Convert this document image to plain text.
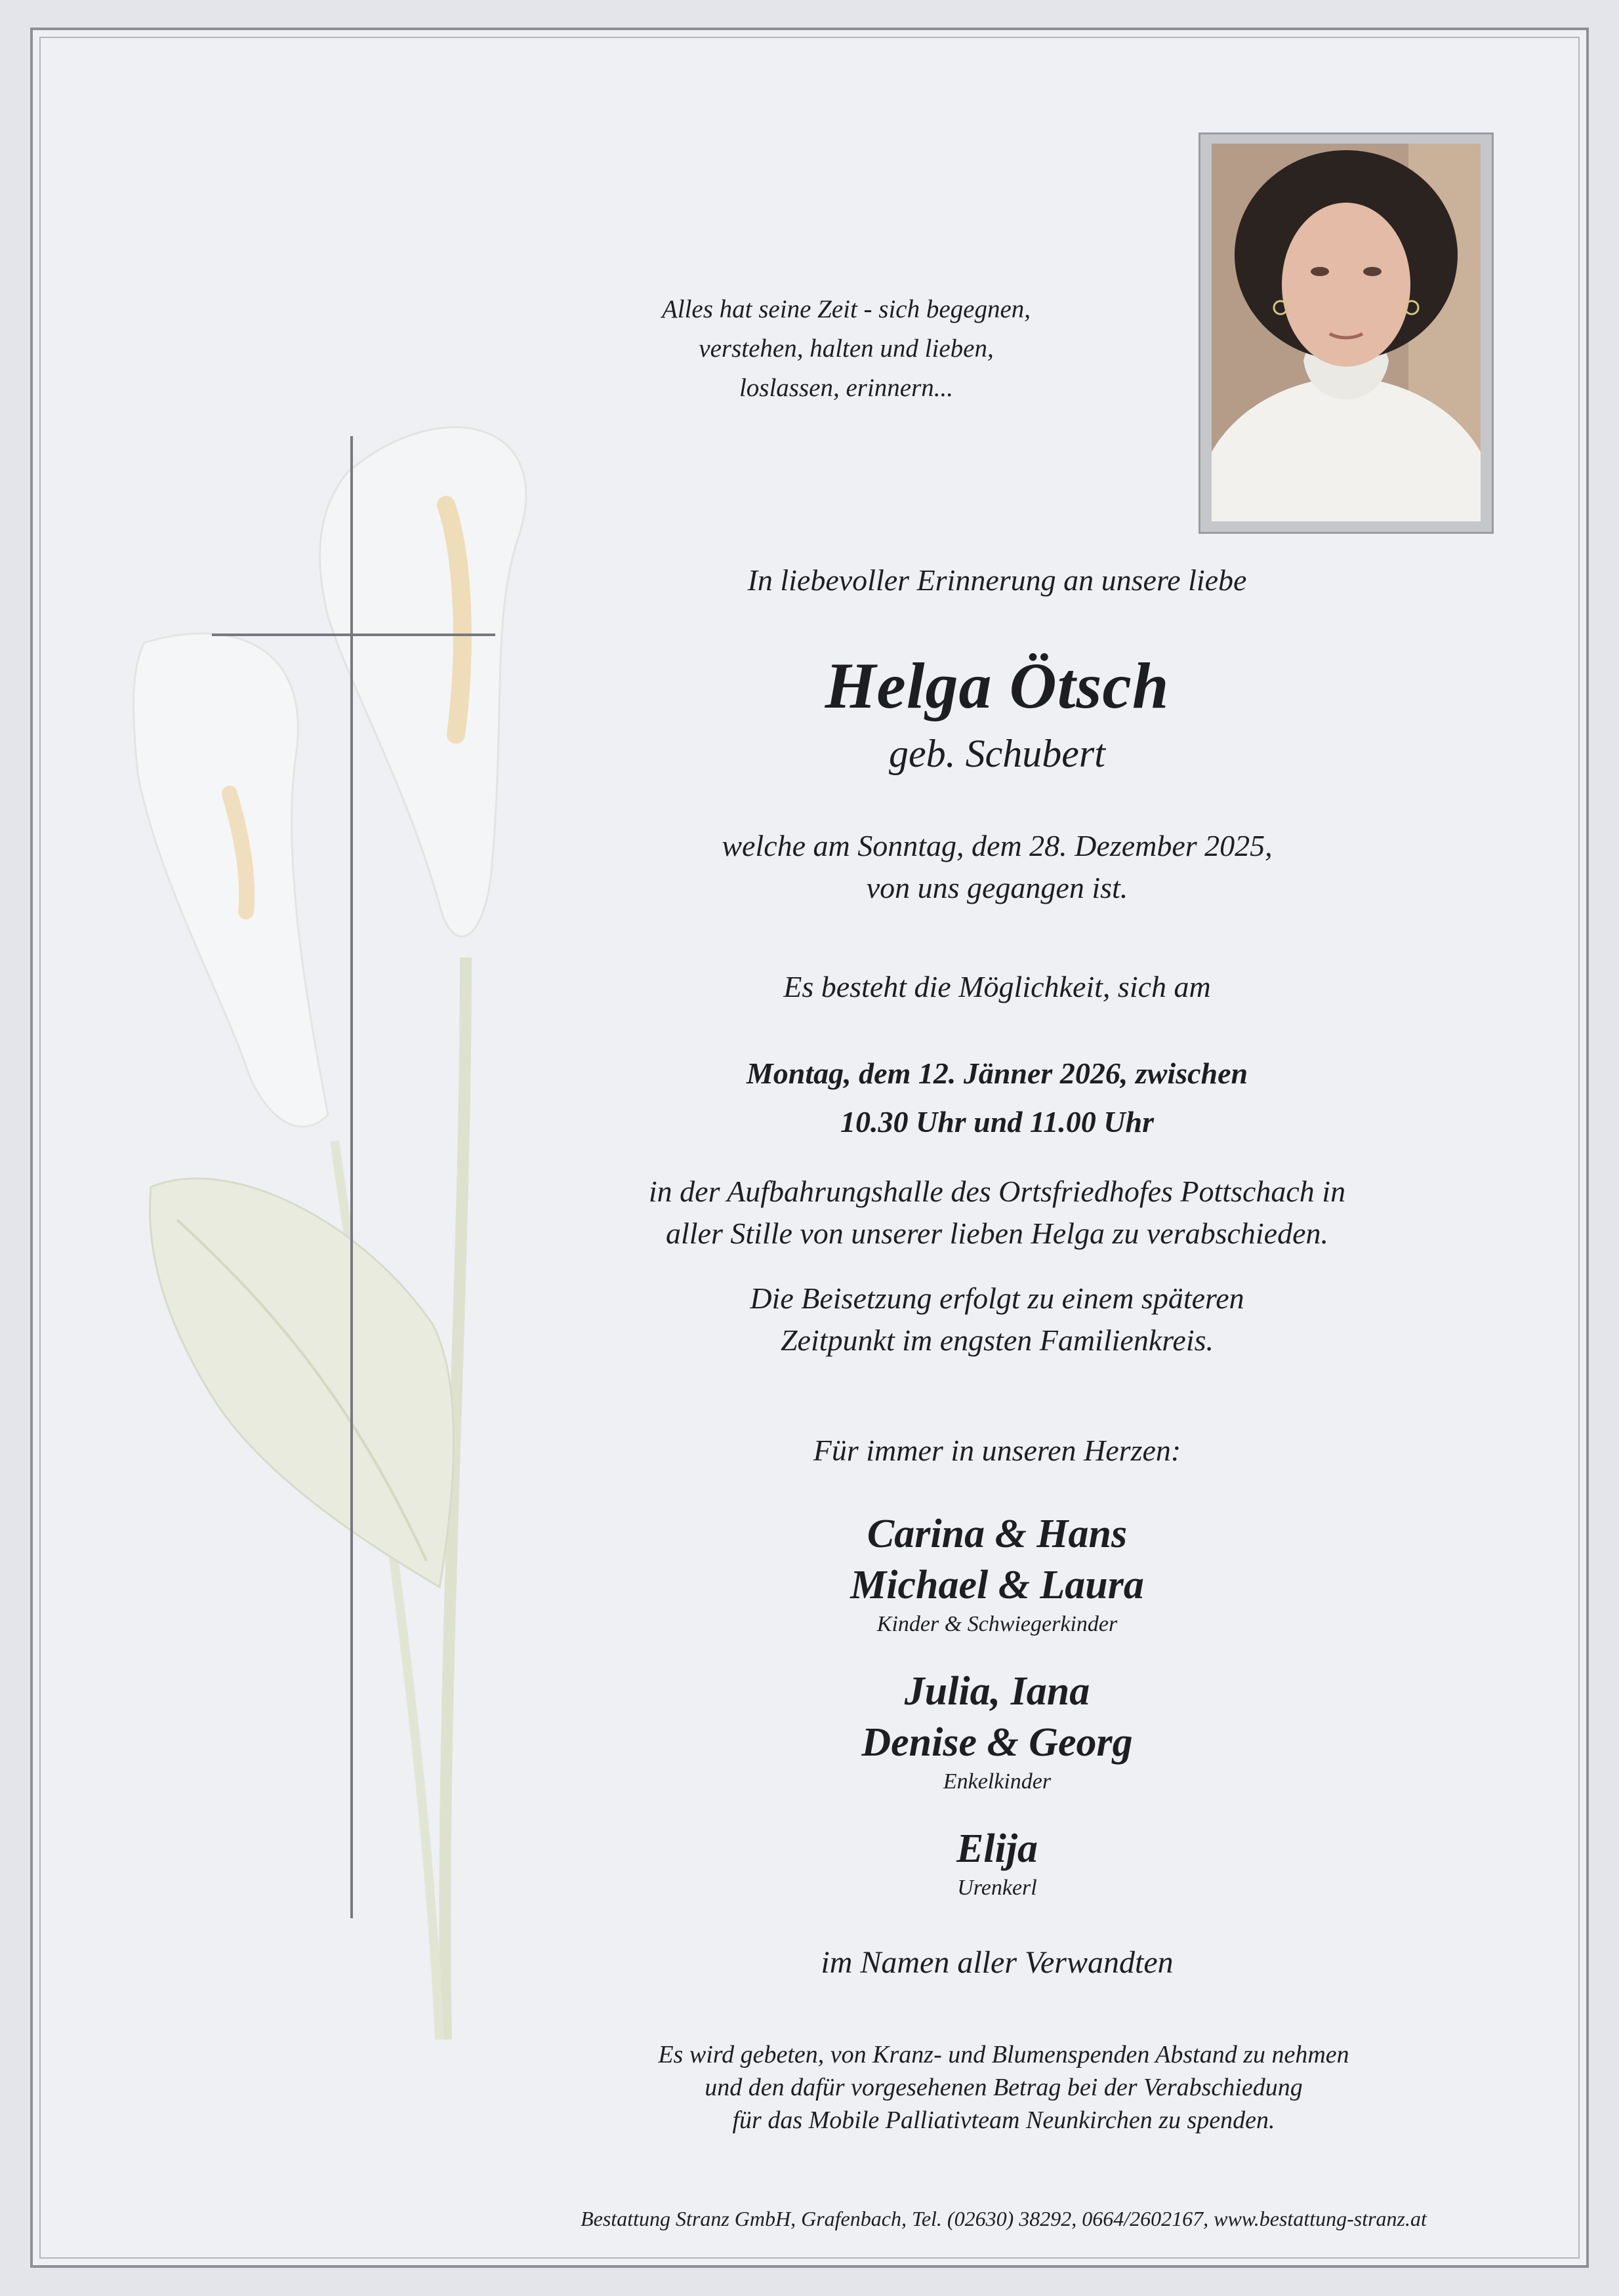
Alles hat seine Zeit - sich begegnen,
verstehen, halten und lieben,
loslassen, erinnern...
In liebevoller Erinnerung an unsere liebe
Helga Ötsch
geb. Schubert
welche am Sonntag, dem 28. Dezember 2025,
von uns gegangen ist.
Es besteht die Möglichkeit, sich am
Montag, dem 12. Jänner 2026, zwischen
10.30 Uhr und 11.00 Uhr
in der Aufbahrungshalle des Ortsfriedhofes Pottschach in
aller Stille von unserer lieben Helga zu verabschieden.
Die Beisetzung erfolgt zu einem späteren
Zeitpunkt im engsten Familienkreis.
Für immer in unseren Herzen:
Carina & Hans
Michael & Laura
Kinder & Schwiegerkinder
Julia, Iana
Denise & Georg
Enkelkinder
Elija
Urenkerl
im Namen aller Verwandten
Es wird gebeten, von Kranz- und Blumenspenden Abstand zu nehmen
und den dafür vorgesehenen Betrag bei der Verabschiedung
für das Mobile Palliativteam Neunkirchen zu spenden.
Bestattung Stranz GmbH, Grafenbach, Tel. (02630) 38292, 0664/2602167, www.bestattung-stranz.at
